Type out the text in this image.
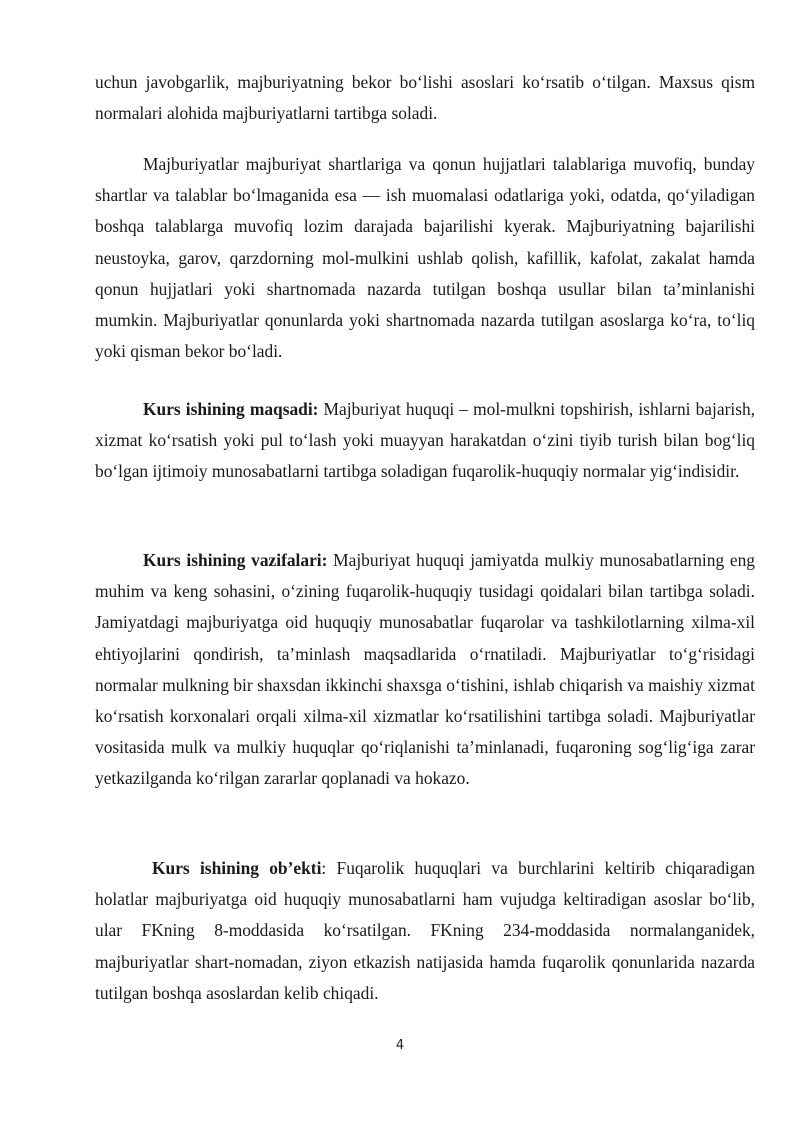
uchun javobgarlik, majburiyatning bekor bo‘lishi asoslari ko‘rsatib o‘tilgan. Maxsus qism normalari alohida majburiyatlarni tartibga soladi.

Majburiyatlar majburiyat shartlariga va qonun hujjatlari talablariga muvofiq, bunday shartlar va talablar bo‘lmaganida esa — ish muomalasi odatlariga yoki, odatda, qo‘yiladigan boshqa talablarga muvofiq lozim darajada bajarilishi kyerak. Majburiyatning bajarilishi neustoyka, garov, qarzdorning mol-mulkini ushlab qolish, kafillik, kafolat, zakalat hamda qonun hujjatlari yoki shartnomada nazarda tutilgan boshqa usullar bilan ta’minlanishi mumkin. Majburiyatlar qonunlarda yoki shartnomada nazarda tutilgan asoslarga ko‘ra, to‘liq yoki qisman bekor bo‘ladi.

Kurs ishining maqsadi: Majburiyat huquqi – mol-mulkni topshirish, ishlarni bajarish, xizmat ko‘rsatish yoki pul to‘lash yoki muayyan harakatdan o‘zini tiyib turish bilan bog‘liq bo‘lgan ijtimoiy munosabatlarni tartibga soladigan fuqarolik-huquqiy normalar yig‘indisidir.

Kurs ishining vazifalari: Majburiyat huquqi jamiyatda mulkiy munosabatlarning eng muhim va keng sohasini, o‘zining fuqarolik-huquqiy tusidagi qoidalari bilan tartibga soladi. Jamiyatdagi majburiyatga oid huquqiy munosabatlar fuqarolar va tashkilotlarning xilma-xil ehtiyojlarini qondirish, ta’minlash maqsadlarida o‘rnatiladi. Majburiyatlar to‘g‘risidagi normalar mulkning bir shaxsdan ikkinchi shaxsga o‘tishini, ishlab chiqarish va maishiy xizmat ko‘rsatish korxonalari orqali xilma-xil xizmatlar ko‘rsatilishini tartibga soladi. Majburiyatlar vositasida mulk va mulkiy huquqlar qo‘riqlanishi ta’minlanadi, fuqaroning sog‘lig‘iga zarar yetkazilganda ko‘rilgan zararlar qoplanadi va hokazo.

Kurs ishining ob’ekti: Fuqarolik huquqlari va burchlarini keltirib chiqaradigan holatlar majburiyatga oid huquqiy munosabatlarni ham vujudga keltiradigan asoslar bo‘lib, ular FKning 8-moddasida ko‘rsatilgan. FKning 234-moddasida normalanganidek, majburiyatlar shart-nomadan, ziyon etkazish natijasida hamda fuqarolik qonunlarida nazarda tutilgan boshqa asoslardan kelib chiqadi.

4
